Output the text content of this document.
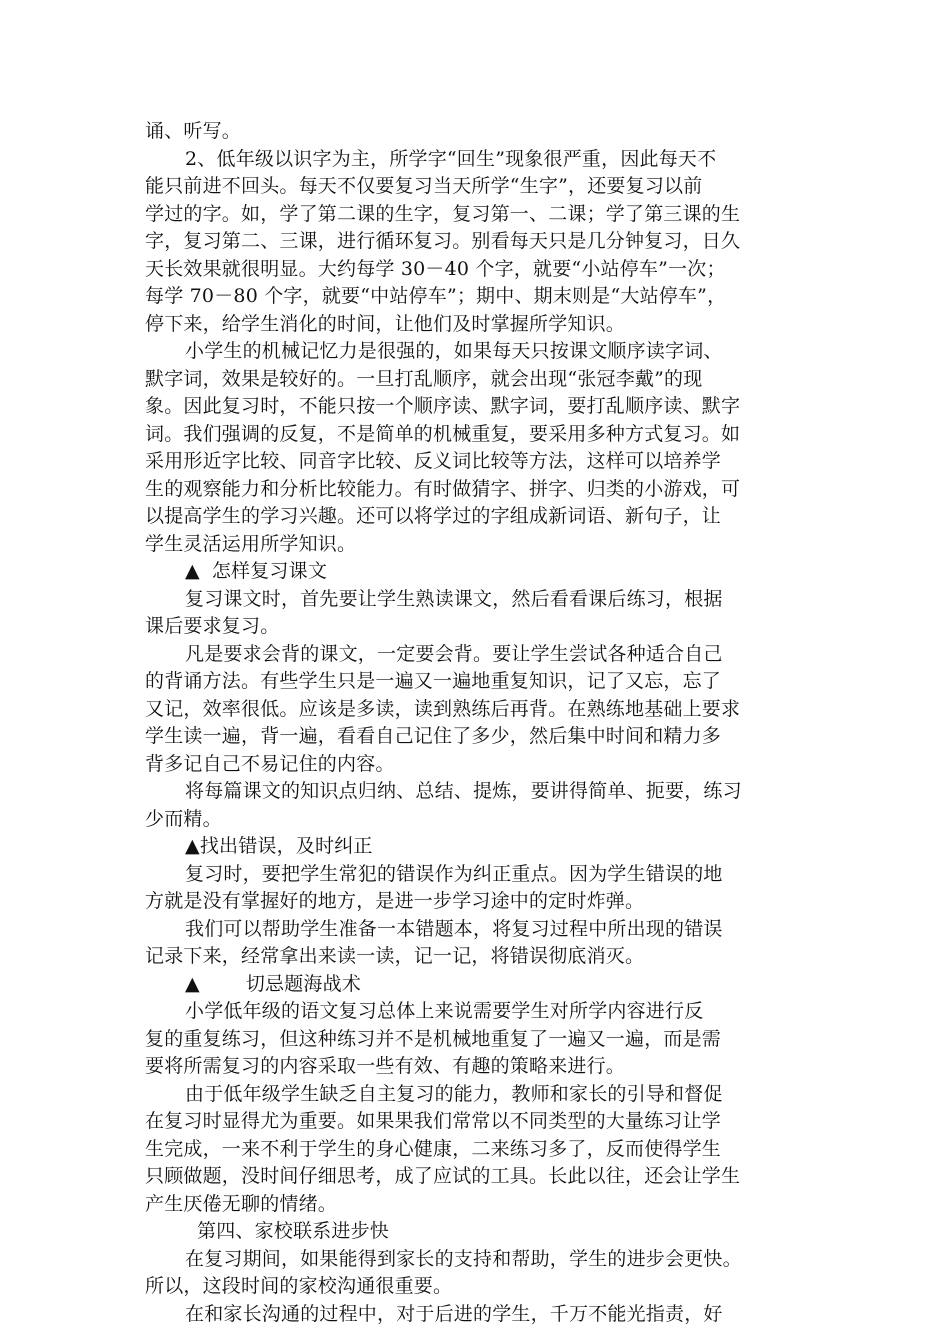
诵、听写。
2、低年级以识字为主，所学字“回生”现象很严重，因此每天不
能只前进不回头。每天不仅要复习当天所学“生字”，还要复习以前
学过的字。如，学了第二课的生字，复习第一、二课；学了第三课的生
字，复习第二、三课，进行循环复习。别看每天只是几分钟复习，日久
天长效果就很明显。大约每学 30－40 个字，就要“小站停车”一次；
每学 70－80 个字，就要“中站停车”；期中、期末则是“大站停车”，
停下来，给学生消化的时间，让他们及时掌握所学知识。
小学生的机械记忆力是很强的，如果每天只按课文顺序读字词、
默字词，效果是较好的。一旦打乱顺序，就会出现“张冠李戴”的现
象。因此复习时，不能只按一个顺序读、默字词，要打乱顺序读、默字
词。我们强调的反复，不是简单的机械重复，要采用多种方式复习。如
采用形近字比较、同音字比较、反义词比较等方法，这样可以培养学
生的观察能力和分析比较能力。有时做猜字、拼字、归类的小游戏，可
以提高学生的学习兴趣。还可以将学过的字组成新词语、新句子，让
学生灵活运用所学知识。
▲ 怎样复习课文
复习课文时，首先要让学生熟读课文，然后看看课后练习，根据
课后要求复习。
凡是要求会背的课文，一定要会背。要让学生尝试各种适合自己
的背诵方法。有些学生只是一遍又一遍地重复知识，记了又忘，忘了
又记，效率很低。应该是多读，读到熟练后再背。在熟练地基础上要求
学生读一遍，背一遍，看看自己记住了多少，然后集中时间和精力多
背多记自己不易记住的内容。
将每篇课文的知识点归纳、总结、提炼，要讲得简单、扼要，练习
少而精。
▲找出错误，及时纠正
复习时，要把学生常犯的错误作为纠正重点。因为学生错误的地
方就是没有掌握好的地方，是进一步学习途中的定时炸弹。
我们可以帮助学生准备一本错题本，将复习过程中所出现的错误
记录下来，经常拿出来读一读，记一记，将错误彻底消灭。
▲ 切忌题海战术
小学低年级的语文复习总体上来说需要学生对所学内容进行反
复的重复练习，但这种练习并不是机械地重复了一遍又一遍，而是需
要将所需复习的内容采取一些有效、有趣的策略来进行。
由于低年级学生缺乏自主复习的能力，教师和家长的引导和督促
在复习时显得尤为重要。如果果我们常常以不同类型的大量练习让学
生完成，一来不利于学生的身心健康，二来练习多了，反而使得学生
只顾做题，没时间仔细思考，成了应试的工具。长此以往，还会让学生
产生厌倦无聊的情绪。
第四、家校联系进步快
在复习期间，如果能得到家长的支持和帮助，学生的进步会更快。
所以，这段时间的家校沟通很重要。
在和家长沟通的过程中，对于后进的学生，千万不能光指责，好
